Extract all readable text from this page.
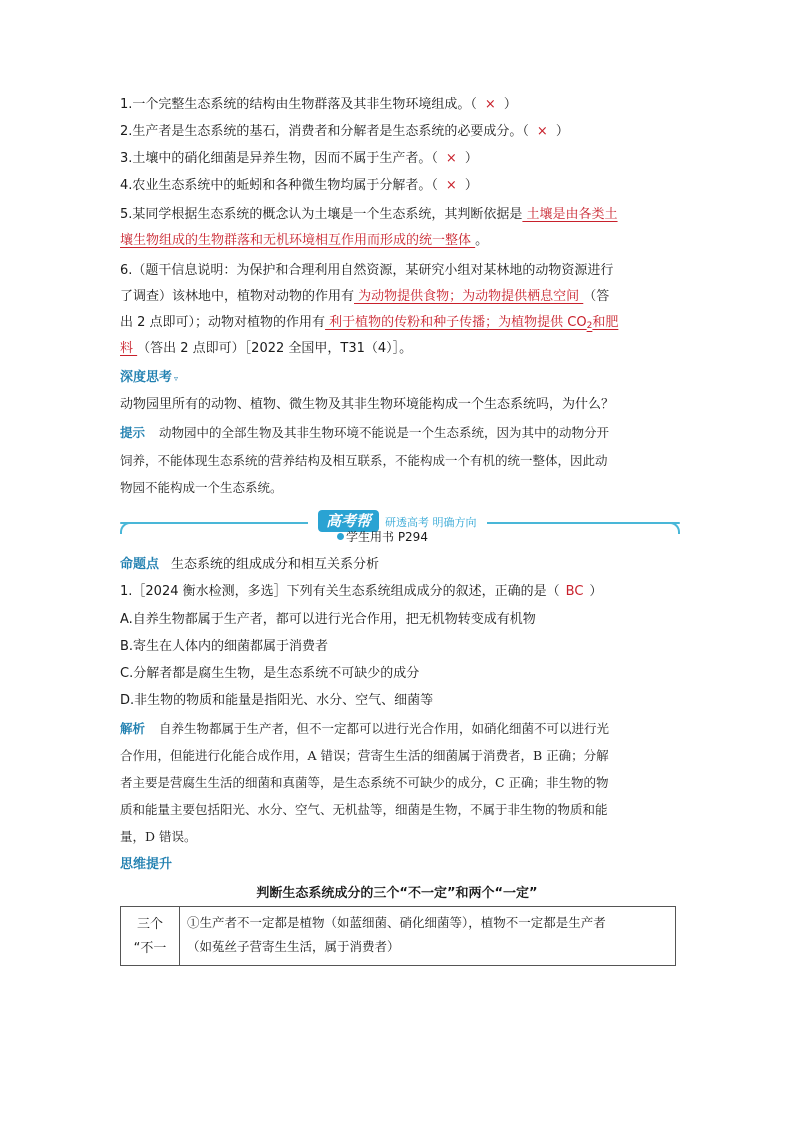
1.一个完整生态系统的结构由生物群落及其非生物环境组成。（ × ）
2.生产者是生态系统的基石，消费者和分解者是生态系统的必要成分。（ × ）
3.土壤中的硝化细菌是异养生物，因而不属于生产者。（ × ）
4.农业生态系统中的蚯蚓和各种微生物均属于分解者。（ × ）
5.某同学根据生态系统的概念认为土壤是一个生态系统，其判断依据是 土壤是由各类土
壤生物组成的生物群落和无机环境相互作用而形成的统一整体 。
6.（题干信息说明：为保护和合理利用自然资源，某研究小组对某林地的动物资源进行
了调查）该林地中，植物对动物的作用有 为动物提供食物；为动物提供栖息空间 （答
出 2 点即可）；动物对植物的作用有 利于植物的传粉和种子传播；为植物提供 $CO_2$和肥
料 （答出 2 点即可）［2022 全国甲，T31（4）］。
深度思考 ▿
动物园里所有的动物、植物、微生物及其非生物环境能构成一个生态系统吗，为什么？
提示 动物园中的全部生物及其非生物环境不能说是一个生态系统，因为其中的动物分开
饲养，不能体现生态系统的营养结构及相互联系，不能构成一个有机的统一整体，因此动
物园不能构成一个生态系统。
高考帮 研透高考 明确方向
学生用书 P294
命题点 生态系统的组成成分和相互关系分析
1.［2024 衡水检测，多选］下列有关生态系统组成成分的叙述，正确的是（ BC ）
A.自养生物都属于生产者，都可以进行光合作用，把无机物转变成有机物
B.寄生在人体内的细菌都属于消费者
C.分解者都是腐生生物，是生态系统不可缺少的成分
D.非生物的物质和能量是指阳光、水分、空气、细菌等
解析 自养生物都属于生产者，但不一定都可以进行光合作用，如硝化细菌不可以进行光
合作用，但能进行化能合成作用，A 错误；营寄生生活的细菌属于消费者，B 正确；分解
者主要是营腐生生活的细菌和真菌等，是生态系统不可缺少的成分，C 正确；非生物的物
质和能量主要包括阳光、水分、空气、无机盐等，细菌是生物，不属于非生物的物质和能
量，D 错误。
思维提升
判断生态系统成分的三个“不一定”和两个“一定”
三个
“不一
①生产者不一定都是植物（如蓝细菌、硝化细菌等），植物不一定都是生产者
（如菟丝子营寄生生活，属于消费者）
